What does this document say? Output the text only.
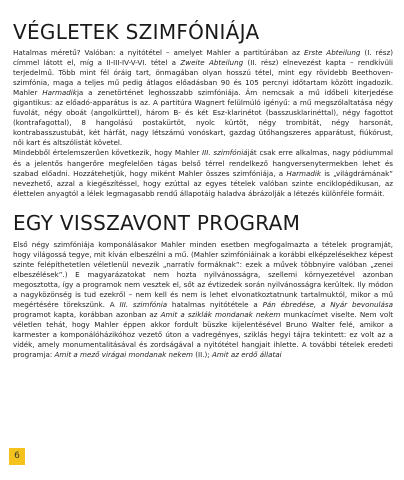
VÉGLETEK SZIMFÓNIÁJA

Hatalmas méretű? Valóban: a nyitótétel – amelyet Mahler a partitúrában az Erste Abteilung (I. rész) címmel látott el, míg a II-III-IV-V-VI. tétel a Zweite Abteilung (II. rész) elnevezést kapta – rendkívüli terjedelmű. Több mint fél óráig tart, önmagában olyan hosszú tétel, mint egy rövidebb Beethoven-szimfónia, maga a teljes mű pedig átlagos előadásban 90 és 105 percnyi időtartam között ingadozik. Mahler Harmadikja a zenetörténet leghosszabb szimfóniája. Ám nemcsak a mű időbeli kiterjedése gigantikus: az előadó-apparátus is az. A partitúra Wagnert felülmúló igényű: a mű megszólaltatása négy fuvolát, négy oboát (angolkürttel), három B- és két Esz-klarinétot (basszusklarinéttal), négy fagottot (kontrafagottal), 8 hangolású postakürtöt, nyolc kürtöt, négy trombitát, négy harsonát, kontrabasszustubát, két hárfát, nagy létszámú vonóskart, gazdag ütőhangszeres apparátust, fiúkórust, női kart és altszólistát követel.

Mindebből értelemszerűen következik, hogy Mahler III. szimfóniáját csak erre alkalmas, nagy pódiummal és a jelentős hangerőre megfelelően tágas belső térrel rendelkező hangversenytermekben lehet és szabad előadni. Hozzátehetjük, hogy miként Mahler összes szimfóniája, a Harmadik is „világdrámának” nevezhető, azzal a kiegészítéssel, hogy ezúttal az egyes tételek valóban szinte enciklopédikusan, az élettelen anyagtól a lélek legmagasabb rendű állapotáig haladva ábrázolják a létezés különféle formáit.

EGY VISSZAVONT PROGRAM

Első négy szimfóniája komponálásakor Mahler minden esetben megfogalmazta a tételek programját, hogy világossá tegye, mit kíván elbeszélni a mű. (Mahler szimfóniáinak a korábbi elképzelésekhez képest szinte felépíthetetlen véletlenül nevezik „narratív formáknak”: ezek a művek többnyire valóban „zenei elbeszélések”.) E magyarázatokat nem hozta nyilvánosságra, szellemi környezetével azonban megosztotta, így a programok nem vesztek el, sőt az évtizedek során nyilvánosságra kerültek. Ily módon a nagyközönség is tud ezekről – nem kell és nem is lehet elvonatkoztatnunk tartalmuktól, mikor a mű megértésére törekszünk. A III. szimfónia hatalmas nyitótétele a Pán ébredése, a Nyár bevonulása programot kapta, korábban azonban az Amit a sziklák mondanak nekem munkacímet viselte. Nem volt véletlen tehát, hogy Mahler éppen akkor fordult büszke kijelentésével Bruno Walter felé, amikor a karmester a komponálóházikóhoz vezető úton a vadregényes, sziklás hegyi tájra tekintett: ez volt az a vidék, amely monumentalitásával és zordságával a nyitótétel hangjait ihlette. A további tételek eredeti programja: Amit a mező virágai mondanak nekem (II.); Amit az erdő állatai

6
